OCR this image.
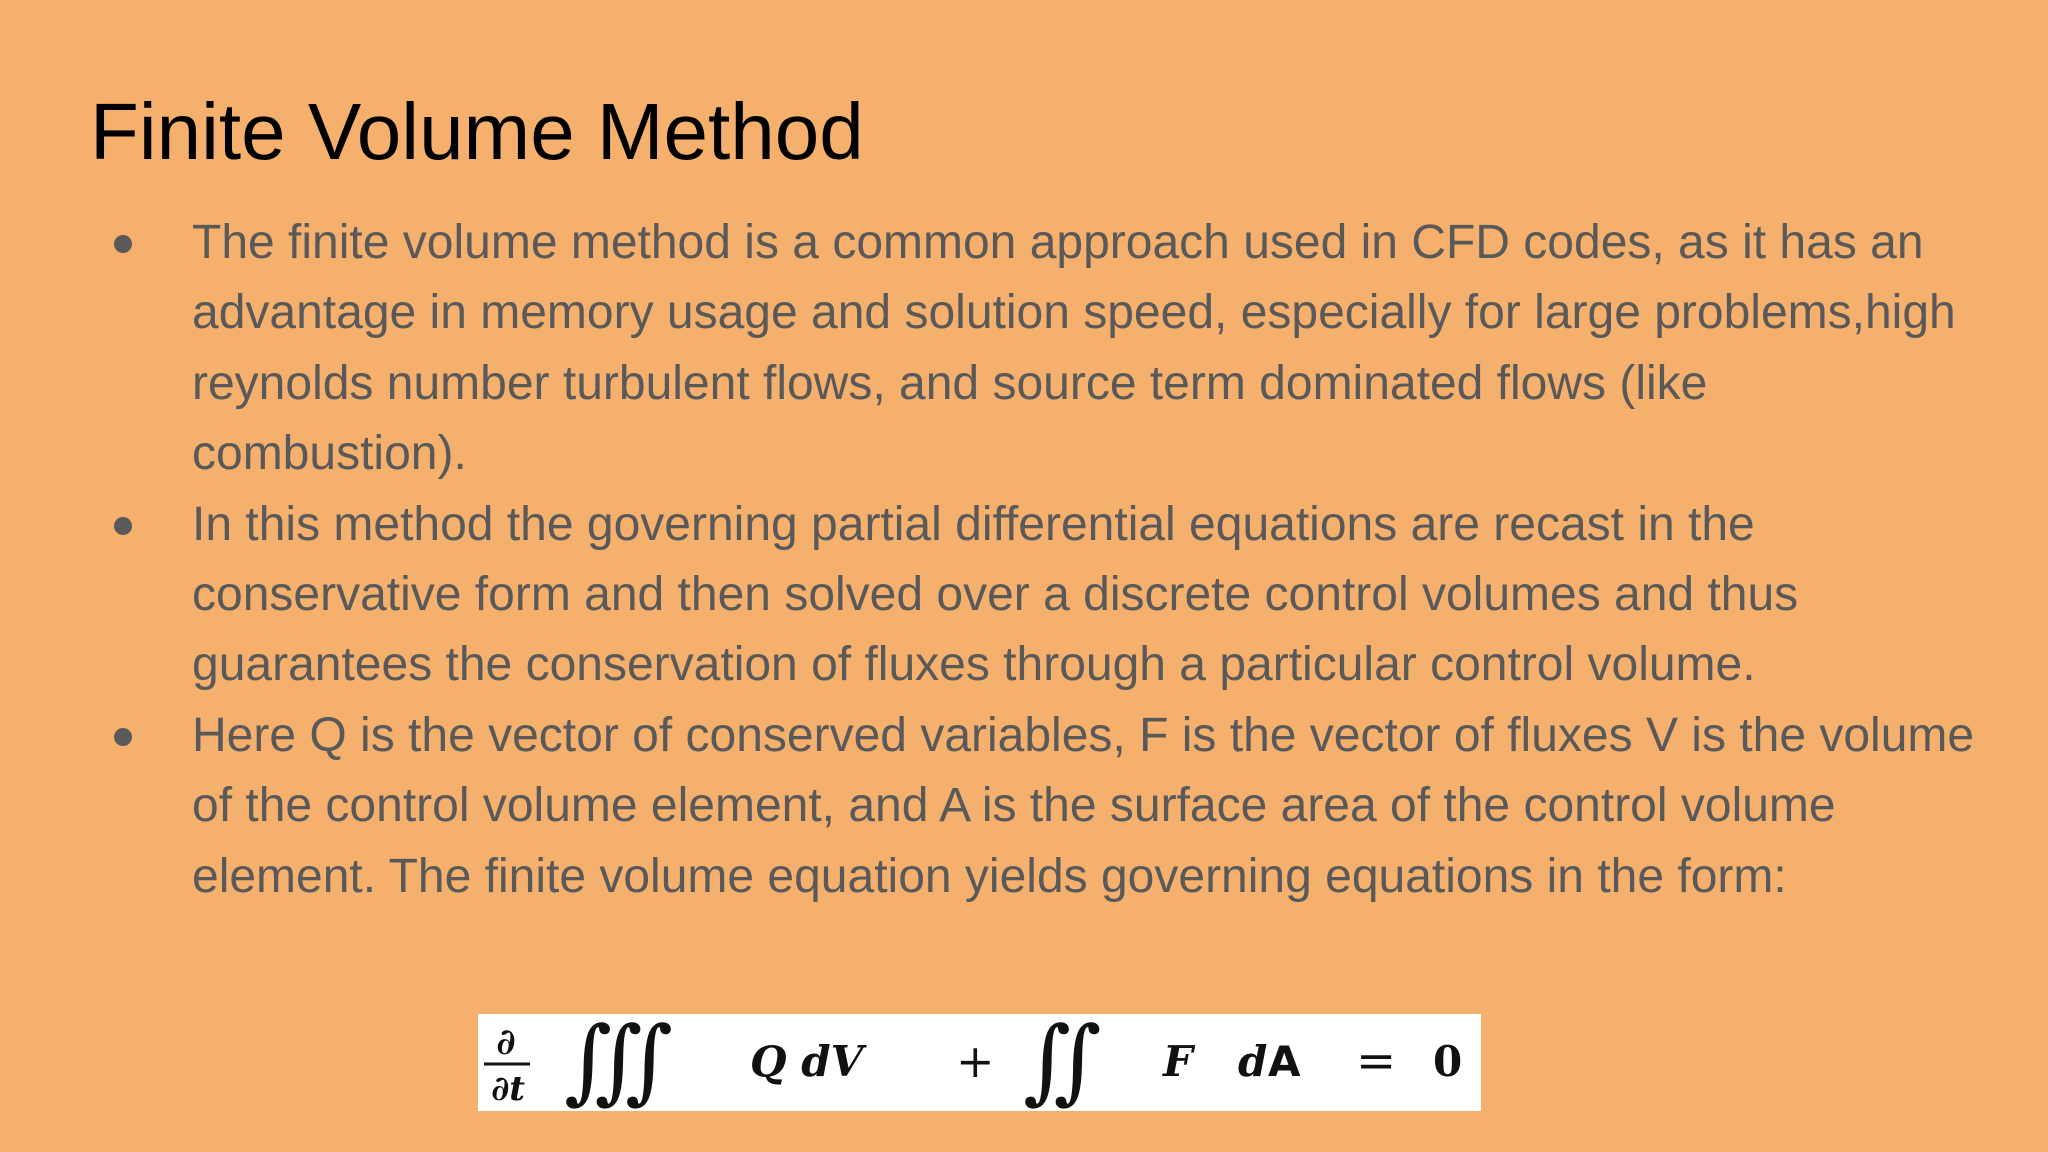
Finite Volume Method
The finite volume method is a common approach used in CFD codes, as it has an advantage in memory usage and solution speed, especially for large problems,high reynolds number turbulent flows, and source term dominated flows (like combustion).
In this method the governing partial differential equations are recast in the conservative form and then solved over a discrete control volumes and thus guarantees the conservation of fluxes through a particular control volume.
Here Q is the vector of conserved variables, F is the vector of fluxes V is the volume of the control volume element, and A is the surface area of the control volume element. The finite volume equation yields governing equations in the form:
∂
∂t ∭ Q dV + ∬ F d A = 0
